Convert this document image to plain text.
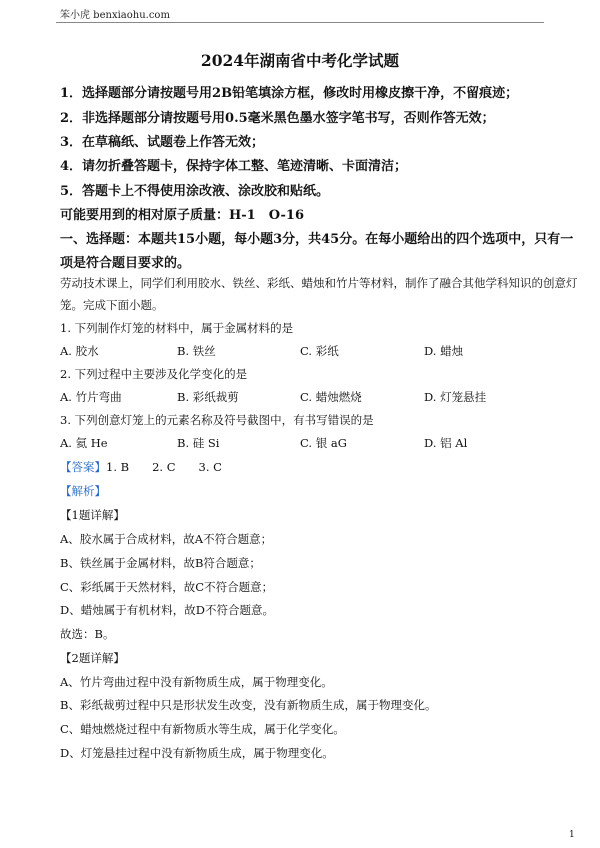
笨小虎 benxiaohu.com
2024年湖南省中考化学试题
1．选择题部分请按题号用2B铅笔填涂方框，修改时用橡皮擦干净，不留痕迹；
2．非选择题部分请按题号用0.5毫米黑色墨水签字笔书写，否则作答无效；
3．在草稿纸、试题卷上作答无效；
4．请勿折叠答题卡，保持字体工整、笔迹清晰、卡面清洁；
5．答题卡上不得使用涂改液、涂改胶和贴纸。
可能要用到的相对原子质量：H-1　O-16
一、选择题：本题共15小题，每小题3分，共45分。在每小题给出的四个选项中，只有一
项是符合题目要求的。
劳动技术课上，同学们利用胶水、铁丝、彩纸、蜡烛和竹片等材料，制作了融合其他学科知识的创意灯
笼。完成下面小题。
1. 下列制作灯笼的材料中，属于金属材料的是
A. 胶水	B. 铁丝	C. 彩纸	D. 蜡烛
2. 下列过程中主要涉及化学变化的是
A. 竹片弯曲	B. 彩纸裁剪	C. 蜡烛燃烧	D. 灯笼悬挂
3. 下列创意灯笼上的元素名称及符号截图中，有书写错误的是
A. 氦 He	B. 硅 Si	C. 银 aG	D. 铝 Al
【答案】1. B　　2. C　　3. C
【解析】
【1题详解】
A、胶水属于合成材料，故A不符合题意；
B、铁丝属于金属材料，故B符合题意；
C、彩纸属于天然材料，故C不符合题意；
D、蜡烛属于有机材料，故D不符合题意。
故选：B。
【2题详解】
A、竹片弯曲过程中没有新物质生成，属于物理变化。
B、彩纸裁剪过程中只是形状发生改变，没有新物质生成，属于物理变化。
C、蜡烛燃烧过程中有新物质水等生成，属于化学变化。
D、灯笼悬挂过程中没有新物质生成，属于物理变化。
1
